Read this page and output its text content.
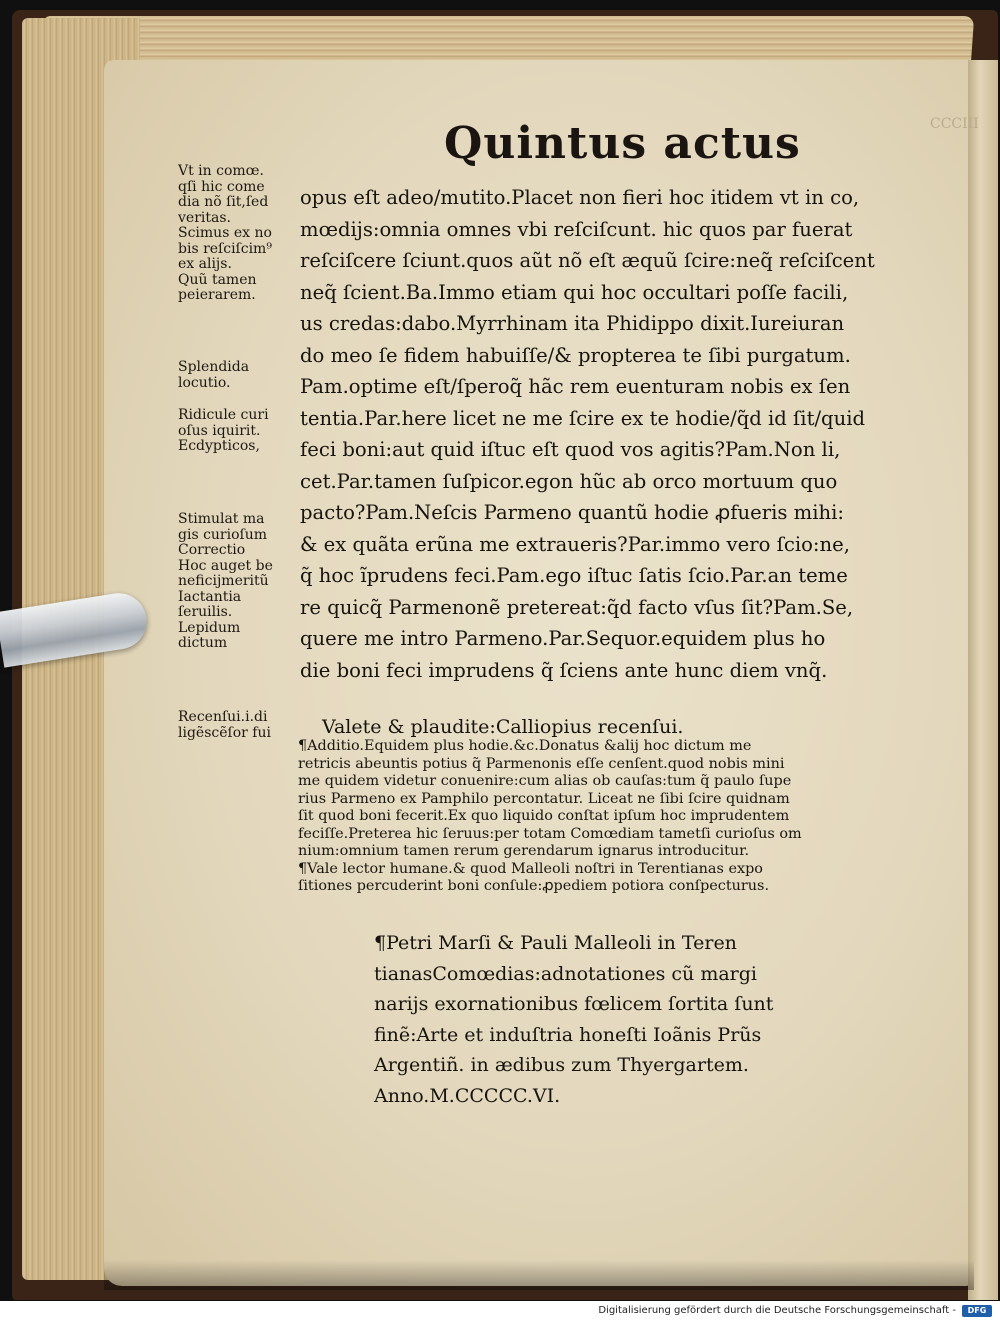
CCCIII
Quintus actus
Vt in comœ.
qſi hic come
dia nõ ſit,ſed
veritas.
Scimus ex no
bis reſciſcim⁹
ex alijs.
Quũ tamen
peierarem.
Splendida
locutio.
Ridicule curi
oſus iquirit.
Ecdypticos,
Stimulat ma
gis curioſum
Correctio
Hoc auget be
neficijmeritũ
Iactantia
ſeruilis.
Lepidum
dictum
Recenſui.i.di
ligẽscẽſor fui
opus eſt adeo/mutito.Placet non fieri hoc itidem vt in co,
mœdijs:omnia omnes vbi reſciſcunt. hic quos par fuerat
reſciſcere ſciunt.quos aũt nõ eſt æquũ ſcire:neq̃ reſciſcent
neq̃ ſcient.Ba.Immo etiam qui hoc occultari poſſe facili,
us credas:dabo.Myrrhinam ita Phidippo dixit.Iureiuran
do meo ſe fidem habuiſſe/& propterea te ſibi purgatum.
Pam.optime eſt/ſperoq̃ hãc rem euenturam nobis ex ſen
tentia.Par.here licet ne me ſcire ex te hodie/q̃d id ſit/quid
feci boni:aut quid iſtuc eſt quod vos agitis?Pam.Non li,
cet.Par.tamen ſuſpicor.egon hũc ab orco mortuum quo
pacto?Pam.Neſcis Parmeno quantũ hodie ꝓfueris mihi:
& ex quãta erũna me extraueris?Par.immo vero ſcio:ne,
q̃ hoc ĩprudens feci.Pam.ego iſtuc ſatis ſcio.Par.an teme
re quicq̃ Parmenonẽ pretereat:q̃d facto vſus ſit?Pam.Se,
quere me intro Parmeno.Par.Sequor.equidem plus ho
die boni feci imprudens q̃ ſciens ante hunc diem vnq̃.
Valete & plaudite:Calliopius recenſui.
¶Additio.Equidem plus hodie.&c.Donatus &alij hoc dictum me
retricis abeuntis potius q̃ Parmenonis eſſe cenſent.quod nobis mini
me quidem videtur conuenire:cum alias ob cauſas:tum q̃ paulo ſupe
rius Parmeno ex Pamphilo percontatur. Liceat ne ſibi ſcire quidnam
ſit quod boni fecerit.Ex quo liquido conſtat ipſum hoc imprudentem
feciſſe.Preterea hic ſeruus:per totam Comœdiam tametſi curioſus om
nium:omnium tamen rerum gerendarum ignarus introducitur.
¶Vale lector humane.& quod Malleoli noſtri in Terentianas expo
ſitiones percuderint boni conſule:ꝓpediem potiora conſpecturus.
¶Petri Marſi & Pauli Malleoli in Teren
tianasComœdias:adnotationes cũ margi
narijs exornationibus fœlicem ſortita ſunt
finẽ:Arte et induſtria honeſti Ioãnis Prũs
Argentiñ. in ædibus zum Thyergartem.
Anno.M.CCCCC.VI.
Digitalisierung gefördert durch die Deutsche Forschungsgemeinschaft -	DFG
